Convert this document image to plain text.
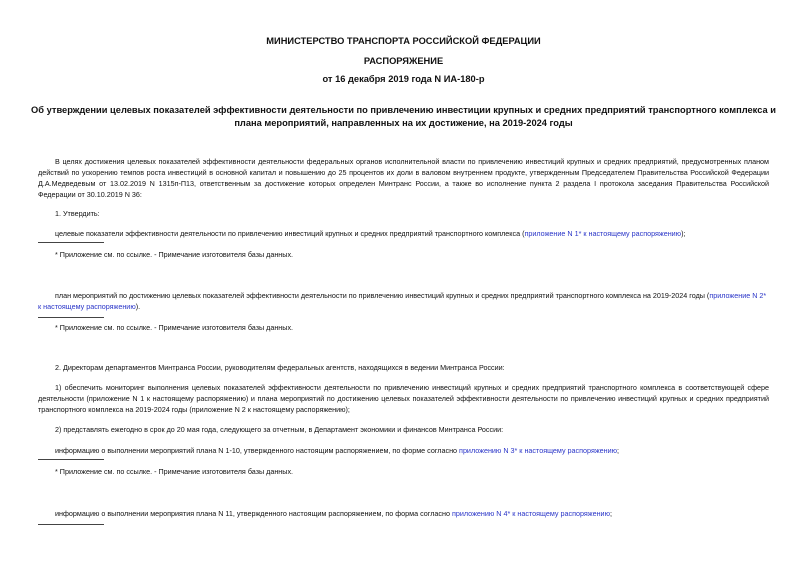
МИНИСТЕРСТВО ТРАНСПОРТА РОССИЙСКОЙ ФЕДЕРАЦИИ
РАСПОРЯЖЕНИЕ
от 16 декабря 2019 года N ИА-180-р
Об утверждении целевых показателей эффективности деятельности по привлечению инвестиции крупных и средних предприятий транспортного комплекса и плана мероприятий, направленных на их достижение, на 2019-2024 годы
В целях достижения целевых показателей эффективности деятельности федеральных органов исполнительной власти по привлечению инвестиций крупных и средних предприятий, предусмотренных планом действий по ускорению темпов роста инвестиций в основной капитал и повышению до 25 процентов их доли в валовом внутреннем продукте, утвержденным Председателем Правительства Российской Федерации Д.А.Медведевым от 13.02.2019 N 1315п-П13, ответственным за достижение которых определен Минтранс России, а также во исполнение пункта 2 раздела I протокола заседания Правительства Российской Федерации от 30.10.2019 N 36:
1. Утвердить:
целевые показатели эффективности деятельности по привлечению инвестиций крупных и средних предприятий транспортного комплекса (приложение N 1* к настоящему распоряжению);
* Приложение см. по ссылке. - Примечание изготовителя базы данных.
план мероприятий по достижению целевых показателей эффективности деятельности по привлечению инвестиций крупных и средних предприятий транспортного комплекса на 2019-2024 годы (приложение N 2* к настоящему распоряжению).
* Приложение см. по ссылке. - Примечание изготовителя базы данных.
2. Директорам департаментов Минтранса России, руководителям федеральных агентств, находящихся в ведении Минтранса России:
1) обеспечить мониторинг выполнения целевых показателей эффективности деятельности по привлечению инвестиций крупных и средних предприятий транспортного комплекса в соответствующей сфере деятельности (приложение N 1 к настоящему распоряжению) и плана мероприятий по достижению целевых показателей эффективности деятельности по привлечению инвестиций крупных и средних предприятий транспортного комплекса на 2019-2024 годы (приложение N 2 к настоящему распоряжению);
2) представлять ежегодно в срок до 20 мая года, следующего за отчетным, в Департамент экономики и финансов Минтранса России:
информацию о выполнении мероприятий плана N 1-10, утвержденного настоящим распоряжением, по форме согласно приложению N 3* к настоящему распоряжению;
* Приложение см. по ссылке. - Примечание изготовителя базы данных.
информацию о выполнении мероприятия плана N 11, утвержденного настоящим распоряжением, по форма согласно приложению N 4* к настоящему распоряжению;
